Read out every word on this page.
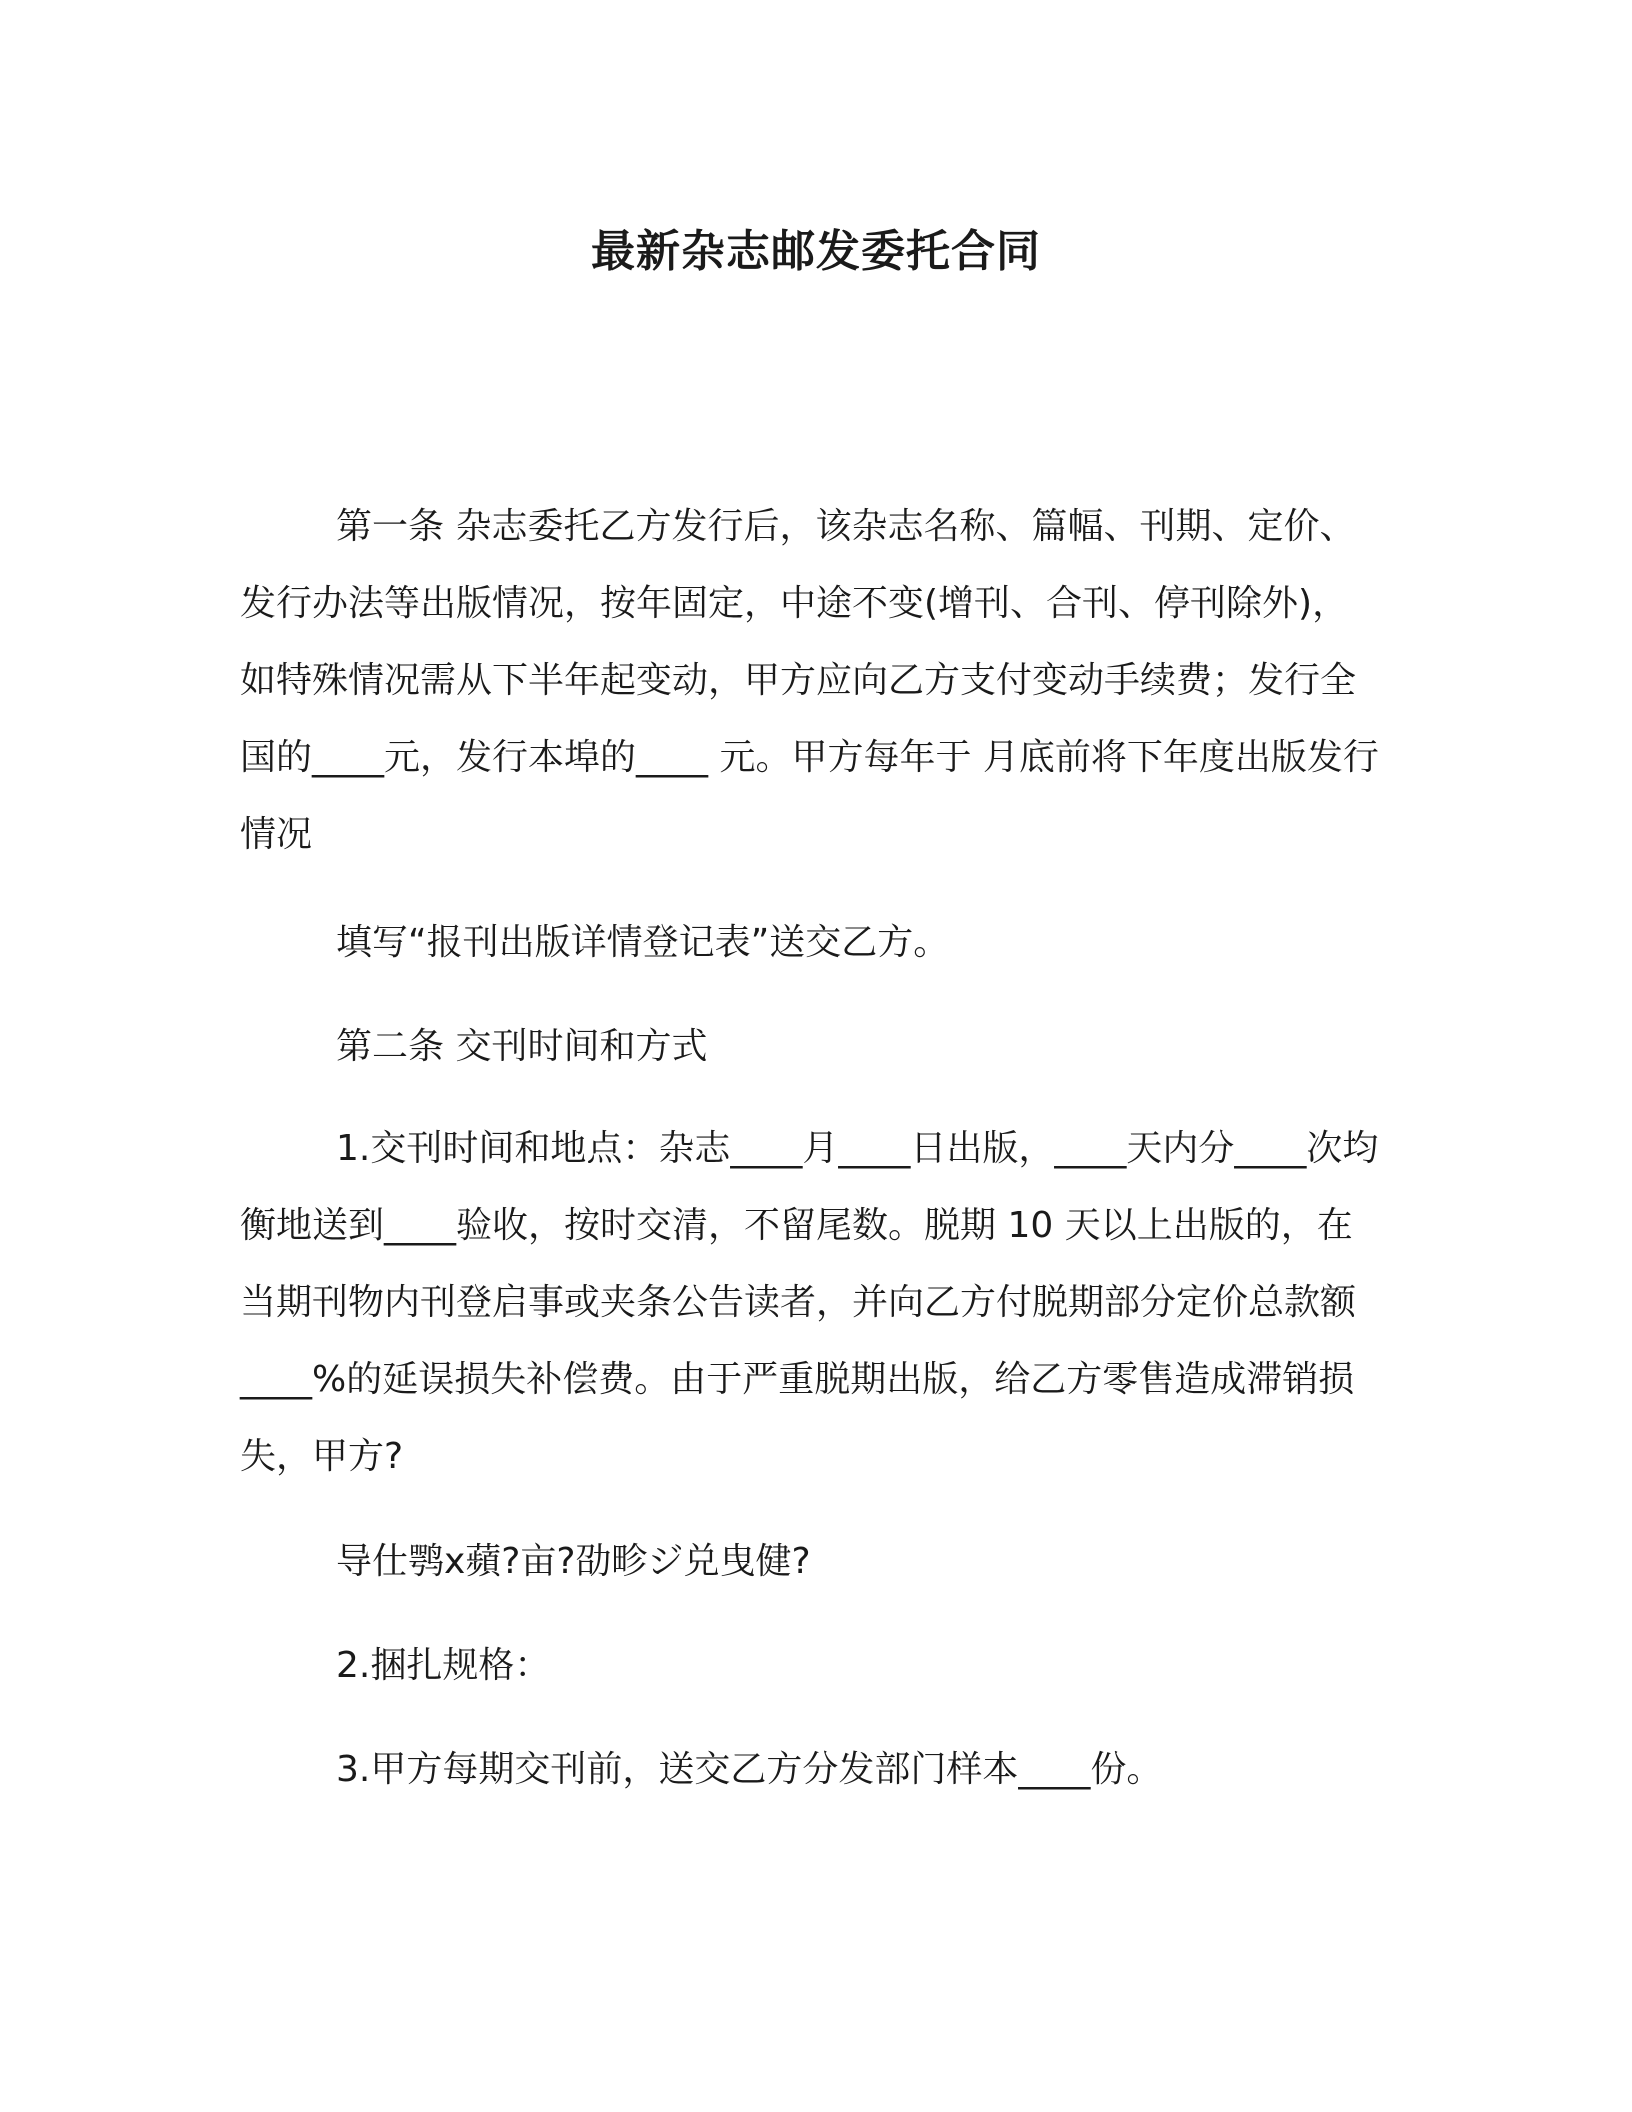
最新杂志邮发委托合同

第一条 杂志委托乙方发行后，该杂志名称、篇幅、刊期、定价、发行办法等出版情况，按年固定，中途不变(增刊、合刊、停刊除外)，如特殊情况需从下半年起变动，甲方应向乙方支付变动手续费；发行全国的____元，发行本埠的____ 元。甲方每年于 月底前将下年度出版发行情况

填写“报刊出版详情登记表”送交乙方。

第二条 交刊时间和方式

1.交刊时间和地点：杂志____月____日出版，____天内分____次均衡地送到____验收，按时交清，不留尾数。脱期 10 天以上出版的，在当期刊物内刊登启事或夹条公告读者，并向乙方付脱期部分定价总款额____%的延误损失补偿费。由于严重脱期出版，给乙方零售造成滞销损失，甲方?

导仕鹗x蘋?亩?劭畛ジ兑曳健?

2.捆扎规格：

3.甲方每期交刊前，送交乙方分发部门样本____份。
